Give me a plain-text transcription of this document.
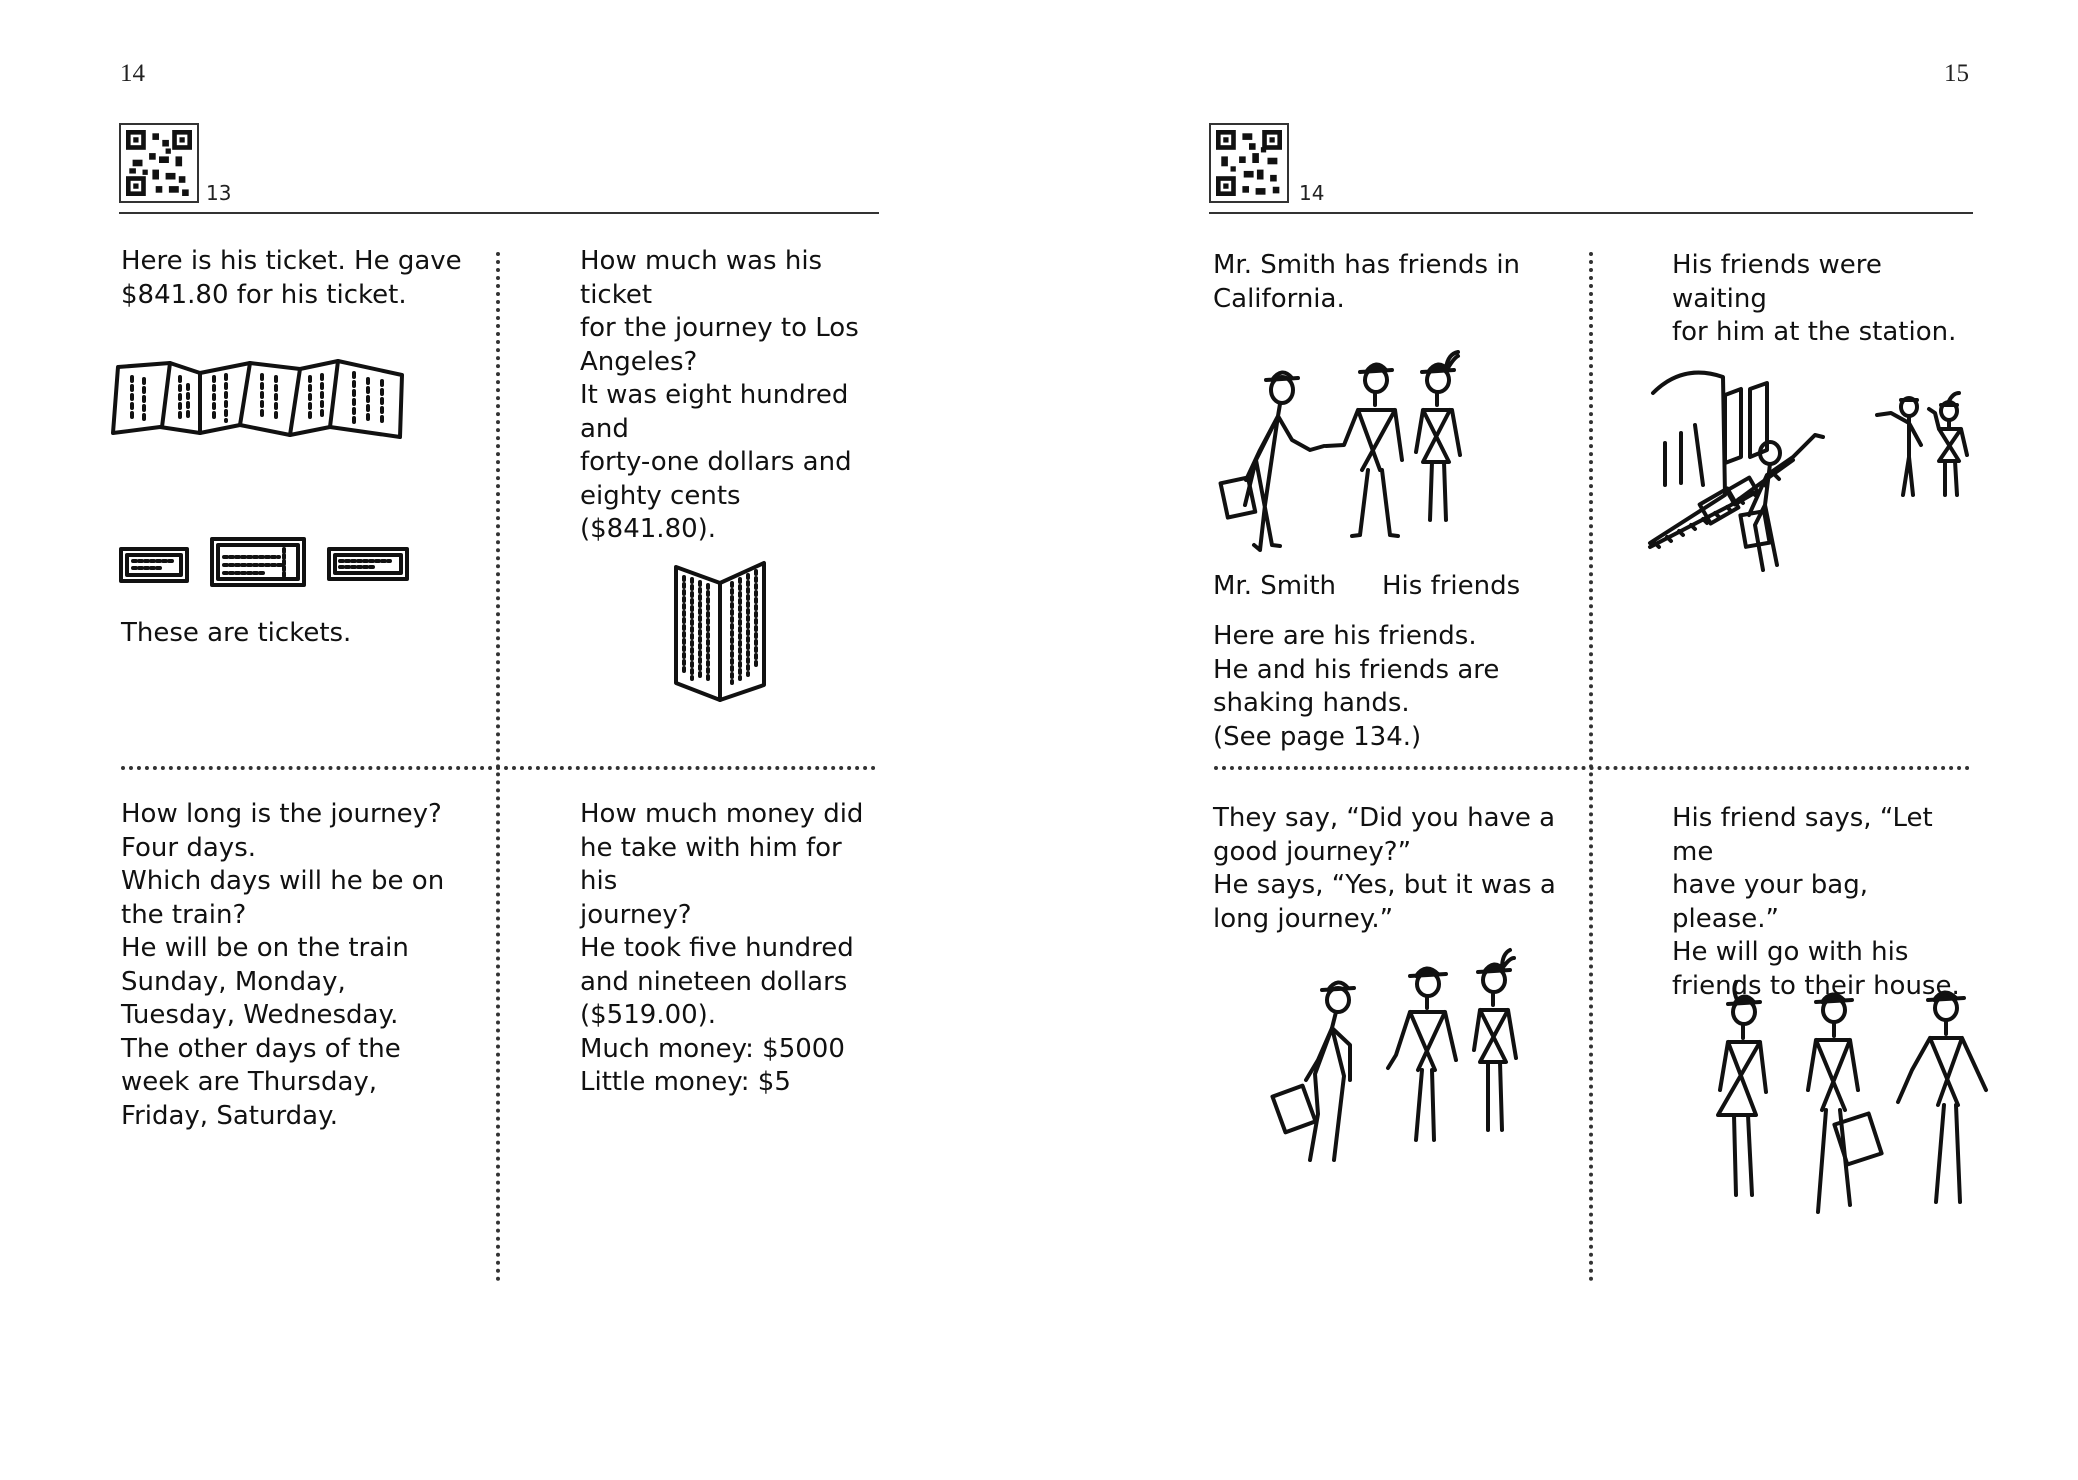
14
13
Here is his ticket. He gave
$841.80 for his ticket.
These are tickets.
How much was his ticket
for the journey to Los
Angeles?
It was eight hundred and
forty-one dollars and
eighty cents ($841.80).
How long is the journey?
Four days.
Which days will he be on
the train?
He will be on the train
Sunday, Monday,
Tuesday, Wednesday.
The other days of the
week are Thursday,
Friday, Saturday.
How much money did
he take with him for his
journey?
He took five hundred
and nineteen dollars
($519.00).
Much money: $5000
Little money: $5
15
14
Mr. Smith has friends in
California.
Mr. Smith His friends
Here are his friends.
He and his friends are
shaking hands.
(See page 134.)
His friends were waiting
for him at the station.
They say, “Did you have a
good journey?”
He says, “Yes, but it was a
long journey.”
His friend says, “Let me
have your bag, please.”
He will go with his
friends to their house.
